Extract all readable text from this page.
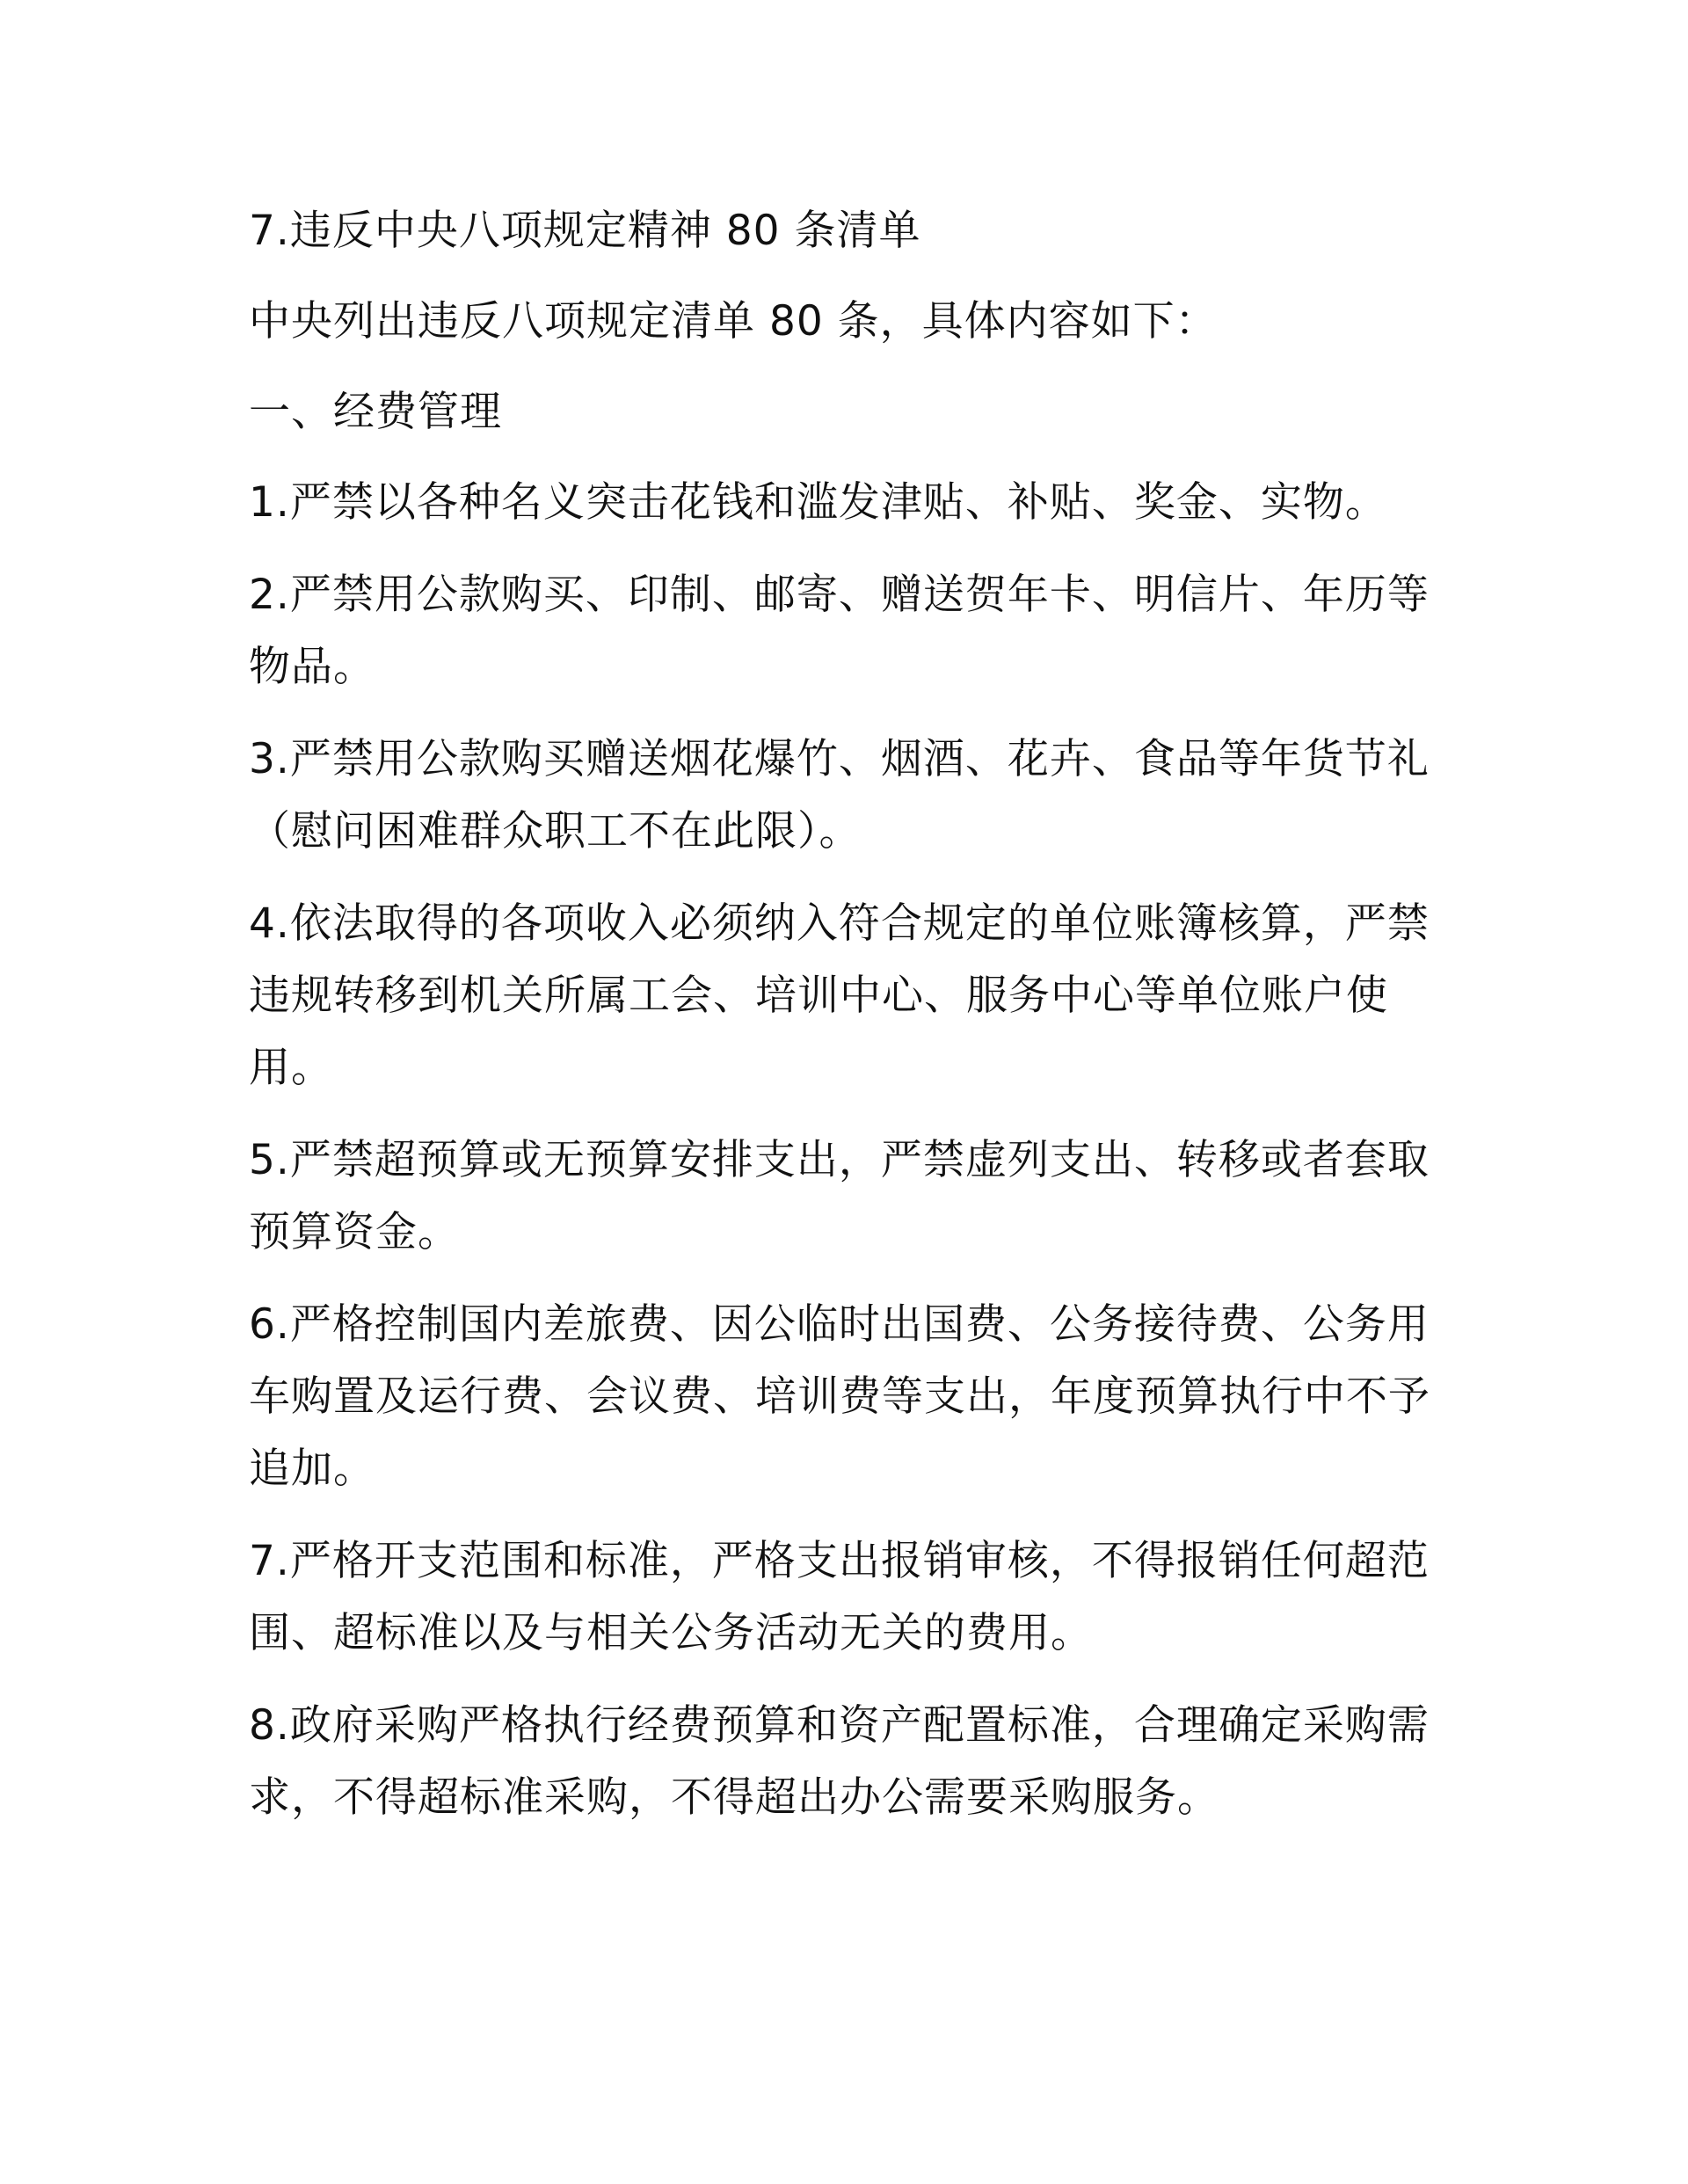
7.违反中央八项规定精神 80 条清单

中央列出违反八项规定清单 80 条，具体内容如下：

一、经费管理

1.严禁以各种名义突击花钱和滥发津贴、补贴、奖金、实物。

2.严禁用公款购买、印制、邮寄、赠送贺年卡、明信片、年历等物品。

3.严禁用公款购买赠送烟花爆竹、烟酒、花卉、食品等年货节礼（慰问困难群众职工不在此限）。

4.依法取得的各项收入必须纳入符合规定的单位账簿核算，严禁违规转移到机关所属工会、培训中心、服务中心等单位账户使用。

5.严禁超预算或无预算安排支出，严禁虚列支出、转移或者套取预算资金。

6.严格控制国内差旅费、因公临时出国费、公务接待费、公务用车购置及运行费、会议费、培训费等支出，年度预算执行中不予追加。

7.严格开支范围和标准，严格支出报销审核，不得报销任何超范围、超标准以及与相关公务活动无关的费用。

8.政府采购严格执行经费预算和资产配置标准，合理确定采购需求，不得超标准采购，不得超出办公需要采购服务。
